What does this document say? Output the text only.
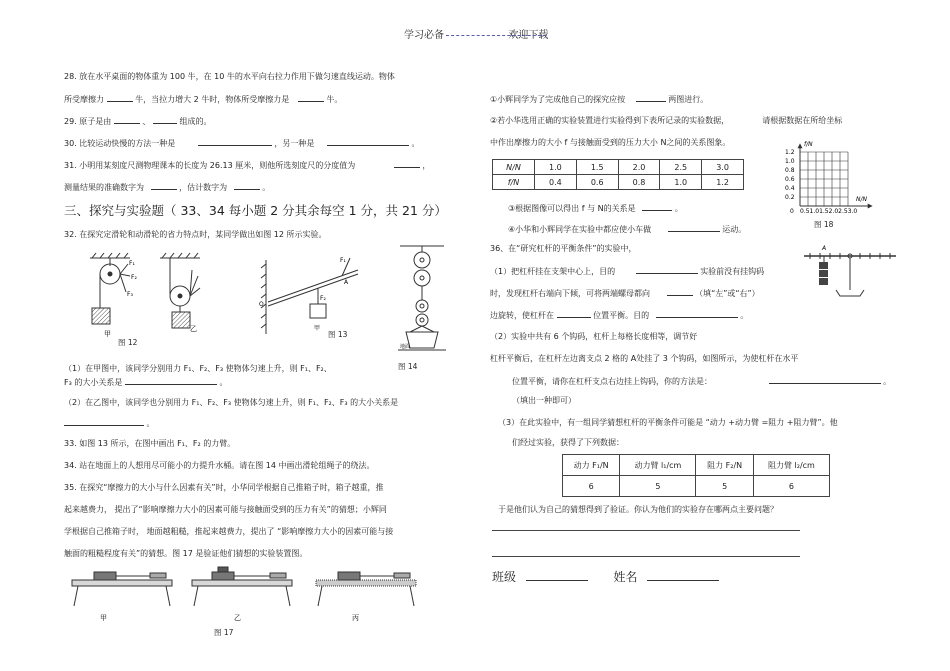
学习必备	欢迎下载
28. 放在水平桌面的物体重为 100 牛，在 10 牛的水平向右拉力作用下做匀速直线运动。物体
所受摩擦力	牛，当拉力增大 2 牛时，物体所受摩擦力是	牛。
29. 原子是由	、	组成的。
30. 比较运动快慢的方法一种是	，另一种是	。
31. 小明用某刻度尺测物理课本的长度为 26.13 厘米，则他所选刻度尺的分度值为	，
测量结果的准确数字为	，估计数字为	。
三、探究与实验题（ 33、34 每小题 2 分其余每空 1 分，共 21 分）
32. 在探究定滑轮和动滑轮的省力特点时，某同学做出如图 12 所示实验。
F₁
F₂
F₃
甲
乙
图 12
O
A
F₁
F₂
甲
图 13
地面
图 14
（1）在甲图中，该同学分别用力 F₁、F₂、F₃ 使物体匀速上升，则 F₁、F₂、
F₃ 的大小关系是	。
（2）在乙图中，该同学也分别用力 F₁、F₂、F₃ 使物体匀速上升，则 F₁、F₂、F₃ 的大小关系是
。
33. 如图 13 所示，在图中画出 F₁、F₂ 的力臂。
34. 站在地面上的人想用尽可能小的力提升水桶。请在图 14 中画出滑轮组绳子的绕法。
35. 在探究“摩擦力的大小与什么因素有关”时，小华同学根据自己推箱子时，箱子越重，推
起来越费力， 提出了“影响摩擦力大小的因素可能与接触面受到的压力有关”的猜想；小辉同
学根据自己推箱子时， 地面越粗糙，推起来越费力，提出了 “影响摩擦力大小的因素可能与接
触面的粗糙程度有关”的猜想。图 17 是验证他们猜想的实验装置图。
甲	乙	丙
图 17
①小辉同学为了完成他自己的探究应按	两图进行。
②若小华选用正确的实验装置进行实验得到下表所记录的实验数据，	请根据数据在所给坐标
中作出摩擦力的大小 f 与接触面受到的压力大小 N之间的关系图象。
N/N	1.0	1.5	2.0	2.5	3.0
f/N	0.4	0.6	0.8	1.0	1.2
f/N
N/N
1.2
1.0
0.8
0.6
0.4
0.2
0 0.51.01.52.02.53.0
图 18
③根据图像可以得出 f 与 N的关系是	。
④小华和小辉同学在实验中都应使小车做	运动。
36、在“研究杠杆的平衡条件”的实验中，	A
（1）把杠杆挂在支架中心上，目的	实验前没有挂钩码
时，发现杠杆右端向下倾，可将两端螺母都向	（填“左”或“右”）
边旋转，使杠杆在	位置平衡。目的	。
（2）实验中共有 6 个钩码，杠杆上每格长度相等，调节好
杠杆平衡后，在杠杆左边离支点 2 格的 A处挂了 3 个钩码，如图所示，为使杠杆在水平
位置平衡，请你在杠杆支点右边挂上钩码，你的方法是：	。
（填出一种即可）
（3）在此实验中，有一组同学猜想杠杆的平衡条件可能是 “动力 +动力臂 =阻力 +阻力臂”。他
们经过实验，获得了下列数据：
动力 F₁/N	动力臂 l₁/cm	阻力 F₂/N	阻力臂 l₂/cm
6	5	5	6
于是他们认为自己的猜想得到了验证。你认为他们的实验存在哪两点主要问题？
班级	姓名
